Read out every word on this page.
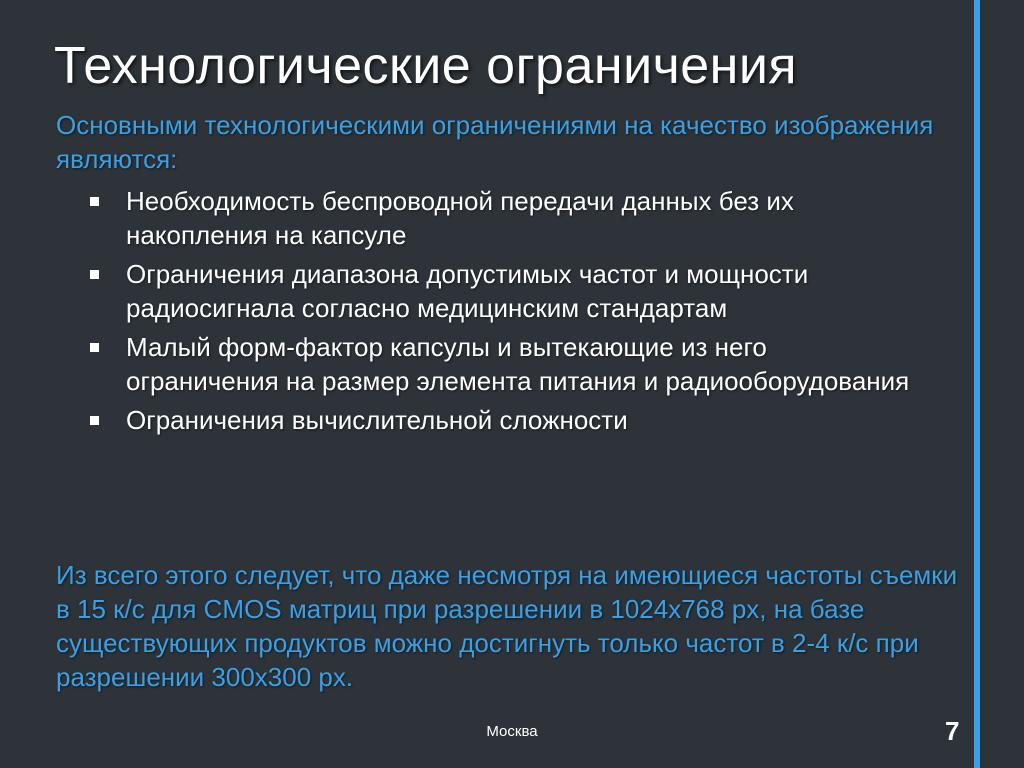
Технологические ограничения
Основными технологическими ограничениями на качество изображения являются:
Необходимость беспроводной передачи данных без их накопления на капсуле
Ограничения диапазона допустимых частот и мощности радиосигнала согласно медицинским стандартам
Малый форм-фактор капсулы и вытекающие из него ограничения на размер элемента питания и радиооборудования
Ограничения вычислительной сложности
Из всего этого следует, что даже несмотря на имеющиеся частоты съемки в 15 к/с для CMOS матриц при разрешении в 1024x768 px, на базе существующих продуктов можно достигнуть только частот в 2-4 к/с при разрешении 300x300 px.
Москва	7
